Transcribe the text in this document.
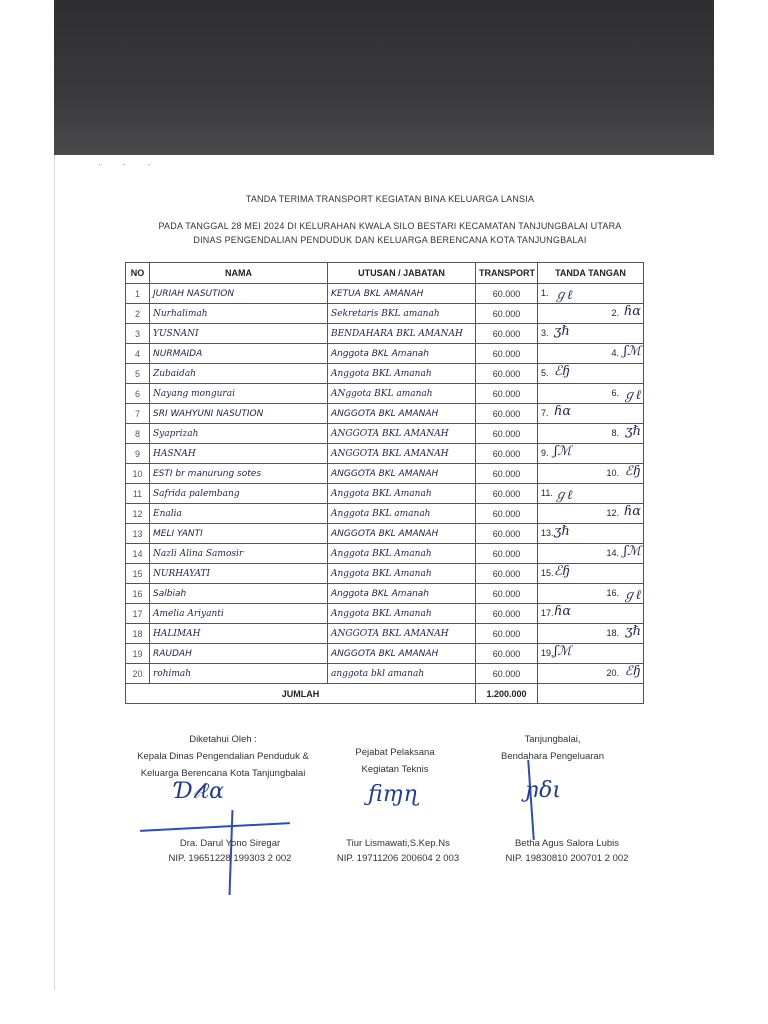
· · ·
TANDA TERIMA TRANSPORT KEGIATAN BINA KELUARGA LANSIA
PADA TANGGAL 28 MEI 2024 DI KELURAHAN KWALA SILO BESTARI KECAMATAN TANJUNGBALAI UTARA
DINAS PENGENDALIAN PENDUDUK DAN KELUARGA BERENCANA KOTA TANJUNGBALAI
NO	NAMA	UTUSAN / JABATAN	TRANSPORT	TANDA TANGAN
1	JURIAH NASUTION	KETUA BKL AMANAH	60.000	1. ℊℓ

2	Nurhalimah	Sekretaris BKL amanah	60.000	2. ɦα

3	YUSNANI	BENDAHARA BKL AMANAH	60.000	3. ʒℏ

4	NURMAIDA	Anggota BKL Amanah	60.000	4. ʃℳ

5	Zubaidah	Anggota BKL Amanah	60.000	5. ℰɧ

6	Nayang mongurai	ANggota BKL amanah	60.000	6. ℊℓ

7	SRI WAHYUNI NASUTION	ANGGOTA BKL AMANAH	60.000	7. ɦα

8	Syaprizah	ANGGOTA BKL AMANAH	60.000	8. ʒℏ

9	HASNAH	ANGGOTA BKL AMANAH	60.000	9. ʃℳ

10	ESTI br manurung sotes	ANGGOTA BKL AMANAH	60.000	10. ℰɧ

11	Safrida palembang	Anggota BKL Amanah	60.000	11. ℊℓ

12	Enalia	Anggota BKL amanah	60.000	12. ɦα

13	MELI YANTI	ANGGOTA BKL AMANAH	60.000	13. ʒℏ

14	Nazli Alina Samosir	Anggota BKL Amanah	60.000	14. ʃℳ

15	NURHAYATI	Anggota BKL Amanah	60.000	15. ℰɧ

16	Salbiah	Anggota BKL Amanah	60.000	16. ℊℓ

17	Amelia Ariyanti	Anggota BKL Amanah	60.000	17. ɦα

18	HALIMAH	ANGGOTA BKL AMANAH	60.000	18. ʒℏ

19	RAUDAH	ANGGOTA BKL AMANAH	60.000	19. ʃℳ

20	rohimah	anggota bkl amanah	60.000	20. ℰɧ

JUMLAH			1.200.000	
Diketahui Oleh :
Kepala Dinas Pengendalian Penduduk &
Keluarga Berencana Kota Tanjungbalai
Pejabat Pelaksana
Kegiatan Teknis
Tanjungbalai,
Bendahara Pengeluaran
Ɗ𝓁ℓα	ƒiɱɳ	ɲδι
Dra. Darul Yono Siregar
NIP. 19651228 199303 2 002
Tiur Lismawati,S.Kep.Ns
NIP. 19711206 200604 2 003
Betha Agus Salora Lubis
NIP. 19830810 200701 2 002
